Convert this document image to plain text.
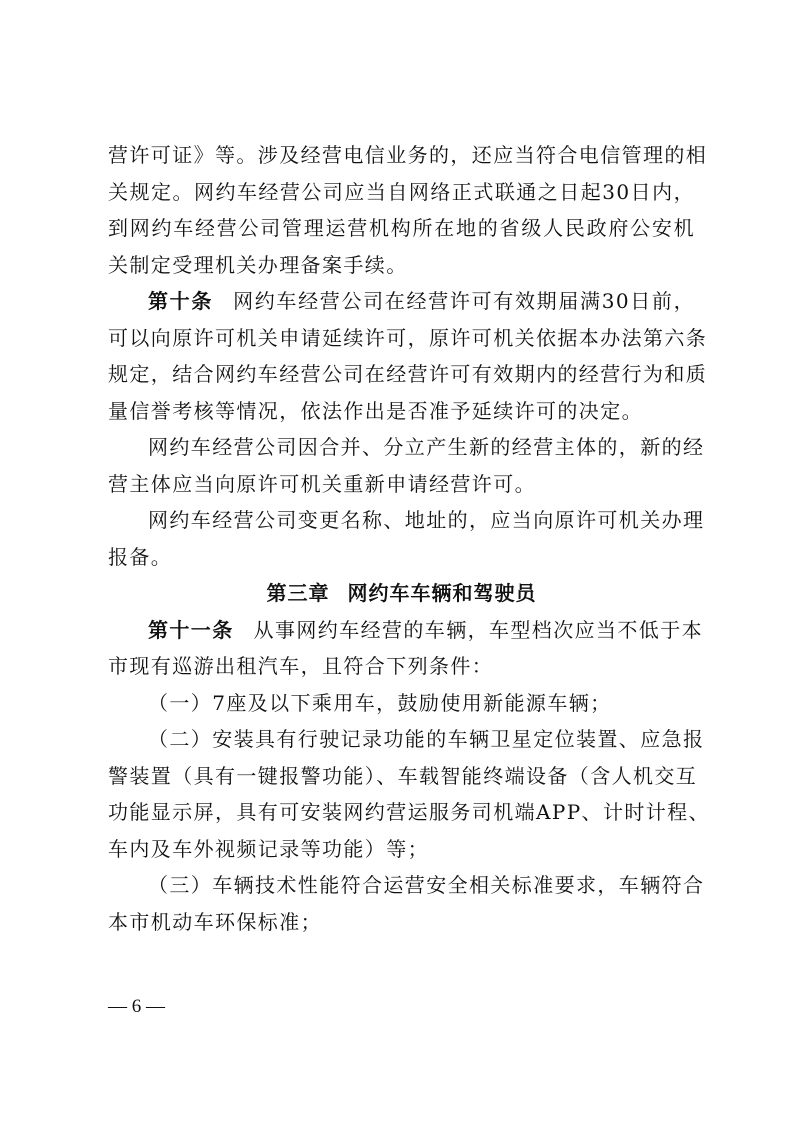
营许可证》等。涉及经营电信业务的，还应当符合电信管理的相
关规定。网约车经营公司应当自网络正式联通之日起30日内，
到网约车经营公司管理运营机构所在地的省级人民政府公安机
关制定受理机关办理备案手续。
第十条 网约车经营公司在经营许可有效期届满30日前，
可以向原许可机关申请延续许可，原许可机关依据本办法第六条
规定，结合网约车经营公司在经营许可有效期内的经营行为和质
量信誉考核等情况，依法作出是否准予延续许可的决定。
网约车经营公司因合并、分立产生新的经营主体的，新的经
营主体应当向原许可机关重新申请经营许可。
网约车经营公司变更名称、地址的，应当向原许可机关办理
报备。
第三章 网约车车辆和驾驶员
第十一条 从事网约车经营的车辆，车型档次应当不低于本
市现有巡游出租汽车，且符合下列条件：
（一）7座及以下乘用车，鼓励使用新能源车辆；
（二）安装具有行驶记录功能的车辆卫星定位装置、应急报
警装置（具有一键报警功能）、车载智能终端设备（含人机交互
功能显示屏，具有可安装网约营运服务司机端APP、计时计程、
车内及车外视频记录等功能）等；
（三）车辆技术性能符合运营安全相关标准要求，车辆符合
本市机动车环保标准；
— 6 —
